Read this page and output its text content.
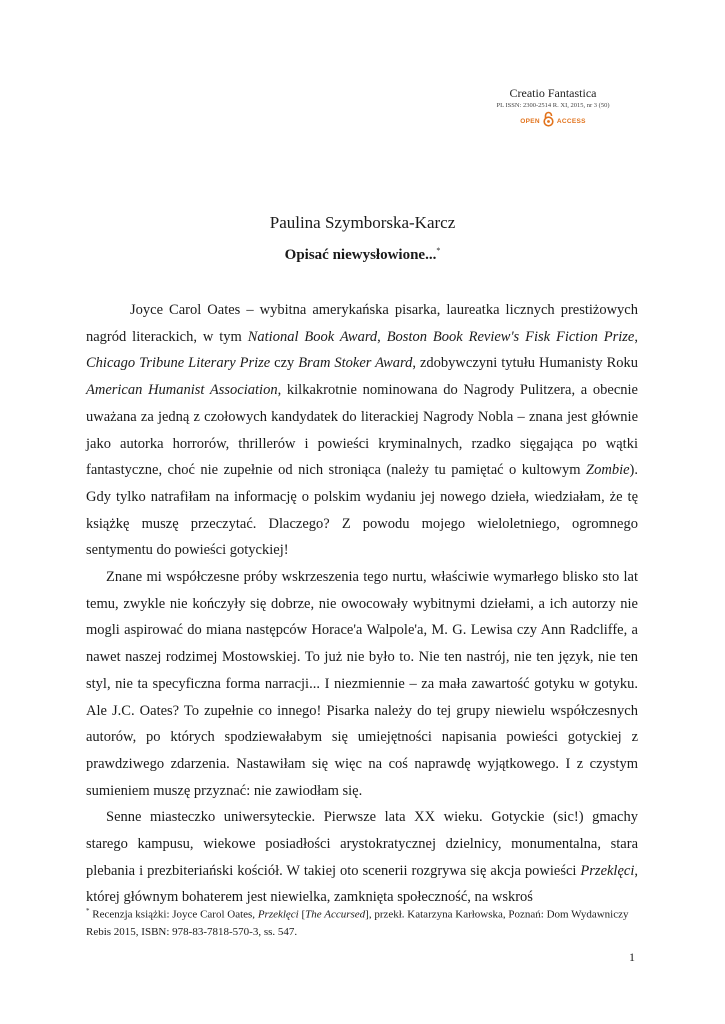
Creatio Fantastica
PL ISSN: 2300-2514 R. XI, 2015, nr 3 (50)
OPEN	ACCESS
Paulina Szymborska-Karcz
Opisać niewysłowione...*

Joyce Carol Oates – wybitna amerykańska pisarka, laureatka licznych prestiżowych nagród literackich, w tym National Book Award, Boston Book Review's Fisk Fiction Prize, Chicago Tribune Literary Prize czy Bram Stoker Award, zdobywczyni tytułu Humanisty Roku American Humanist Association, kilkakrotnie nominowana do Nagrody Pulitzera, a obecnie uważana za jedną z czołowych kandydatek do literackiej Nagrody Nobla – znana jest głównie jako autorka horrorów, thrillerów i powieści kryminalnych, rzadko sięgająca po wątki fantastyczne, choć nie zupełnie od nich stroniąca (należy tu pamiętać o kultowym Zombie). Gdy tylko natrafiłam na informację o polskim wydaniu jej nowego dzieła, wiedziałam, że tę książkę muszę przeczytać. Dlaczego? Z powodu mojego wieloletniego, ogromnego sentymentu do powieści gotyckiej!

Znane mi współczesne próby wskrzeszenia tego nurtu, właściwie wymarłego blisko sto lat temu, zwykle nie kończyły się dobrze, nie owocowały wybitnymi dziełami, a ich autorzy nie mogli aspirować do miana następców Horace'a Walpole'a, M. G. Lewisa czy Ann Radcliffe, a nawet naszej rodzimej Mostowskiej. To już nie było to. Nie ten nastrój, nie ten język, nie ten styl, nie ta specyficzna forma narracji... I niezmiennie – za mała zawartość gotyku w gotyku. Ale J.C. Oates? To zupełnie co innego! Pisarka należy do tej grupy niewielu współczesnych autorów, po których spodziewałabym się umiejętności napisania powieści gotyckiej z prawdziwego zdarzenia. Nastawiłam się więc na coś naprawdę wyjątkowego. I z czystym sumieniem muszę przyznać: nie zawiodłam się.

Senne miasteczko uniwersyteckie. Pierwsze lata XX wieku. Gotyckie (sic!) gmachy starego kampusu, wiekowe posiadłości arystokratycznej dzielnicy, monumentalna, stara plebania i prezbiteriański kościół. W takiej oto scenerii rozgrywa się akcja powieści Przeklęci, której głównym bohaterem jest niewielka, zamknięta społeczność, na wskroś

* Recenzja książki: Joyce Carol Oates, Przeklęci [The Accursed], przekł. Katarzyna Karłowska, Poznań: Dom Wydawniczy Rebis 2015, ISBN: 978-83-7818-570-3, ss. 547.
1
